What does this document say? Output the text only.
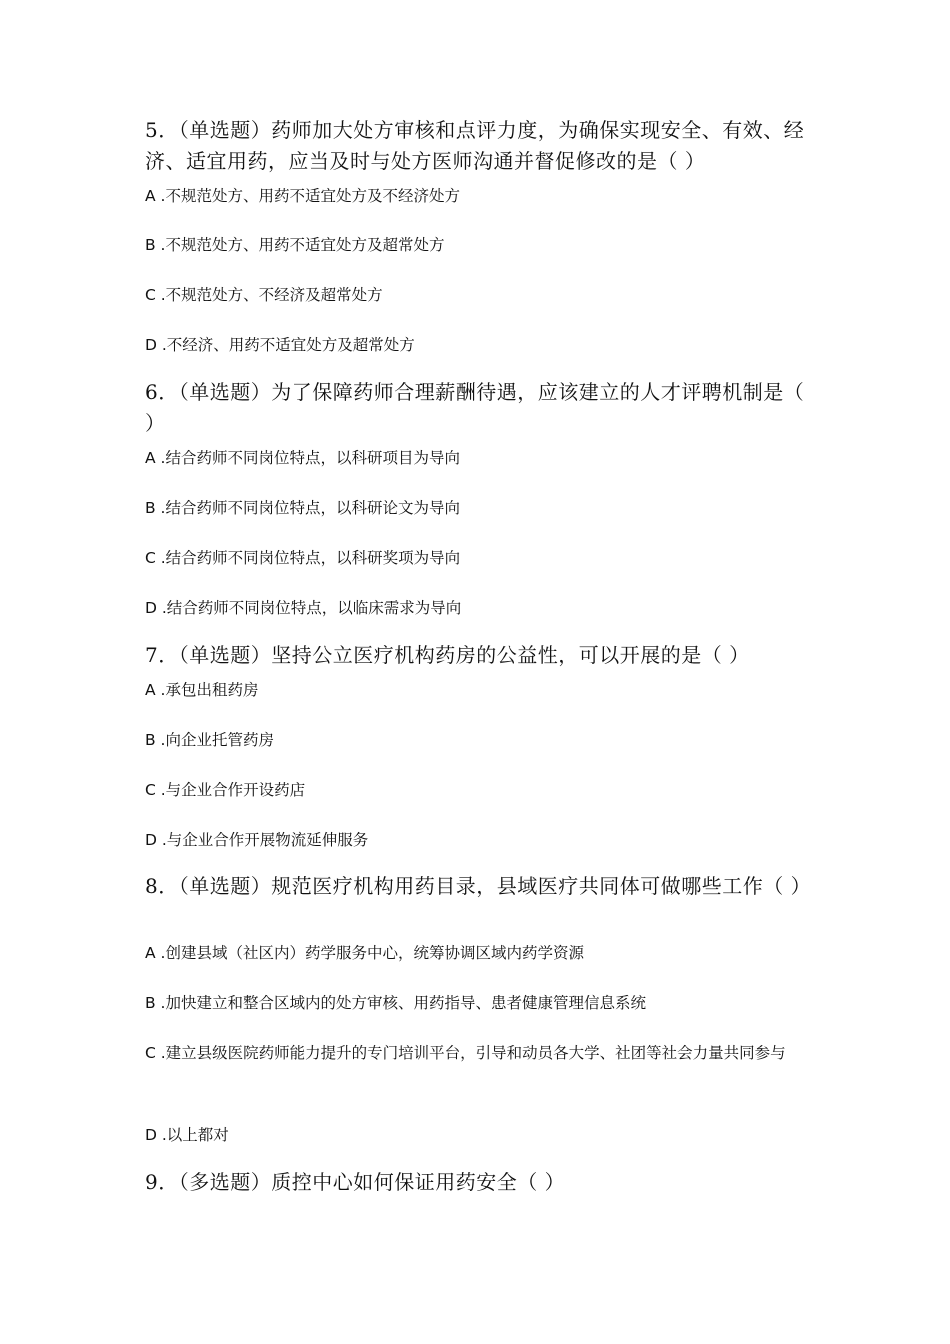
5．（单选题）药师加大处方审核和点评力度，为确保实现安全、有效、经济、适宜用药，应当及时与处方医师沟通并督促修改的是（ ）
A .不规范处方、用药不适宜处方及不经济处方
B .不规范处方、用药不适宜处方及超常处方
C .不规范处方、不经济及超常处方
D .不经济、用药不适宜处方及超常处方
6．（单选题）为了保障药师合理薪酬待遇，应该建立的人才评聘机制是（ ）
A .结合药师不同岗位特点，以科研项目为导向
B .结合药师不同岗位特点，以科研论文为导向
C .结合药师不同岗位特点，以科研奖项为导向
D .结合药师不同岗位特点，以临床需求为导向
7．（单选题）坚持公立医疗机构药房的公益性，可以开展的是（ ）
A .承包出租药房
B .向企业托管药房
C .与企业合作开设药店
D .与企业合作开展物流延伸服务
8．（单选题）规范医疗机构用药目录，县域医疗共同体可做哪些工作（ ）
A .创建县域（社区内）药学服务中心，统筹协调区域内药学资源
B .加快建立和整合区域内的处方审核、用药指导、患者健康管理信息系统
C .建立县级医院药师能力提升的专门培训平台，引导和动员各大学、社团等社会力量共同参与
D .以上都对
9．（多选题）质控中心如何保证用药安全（ ）
